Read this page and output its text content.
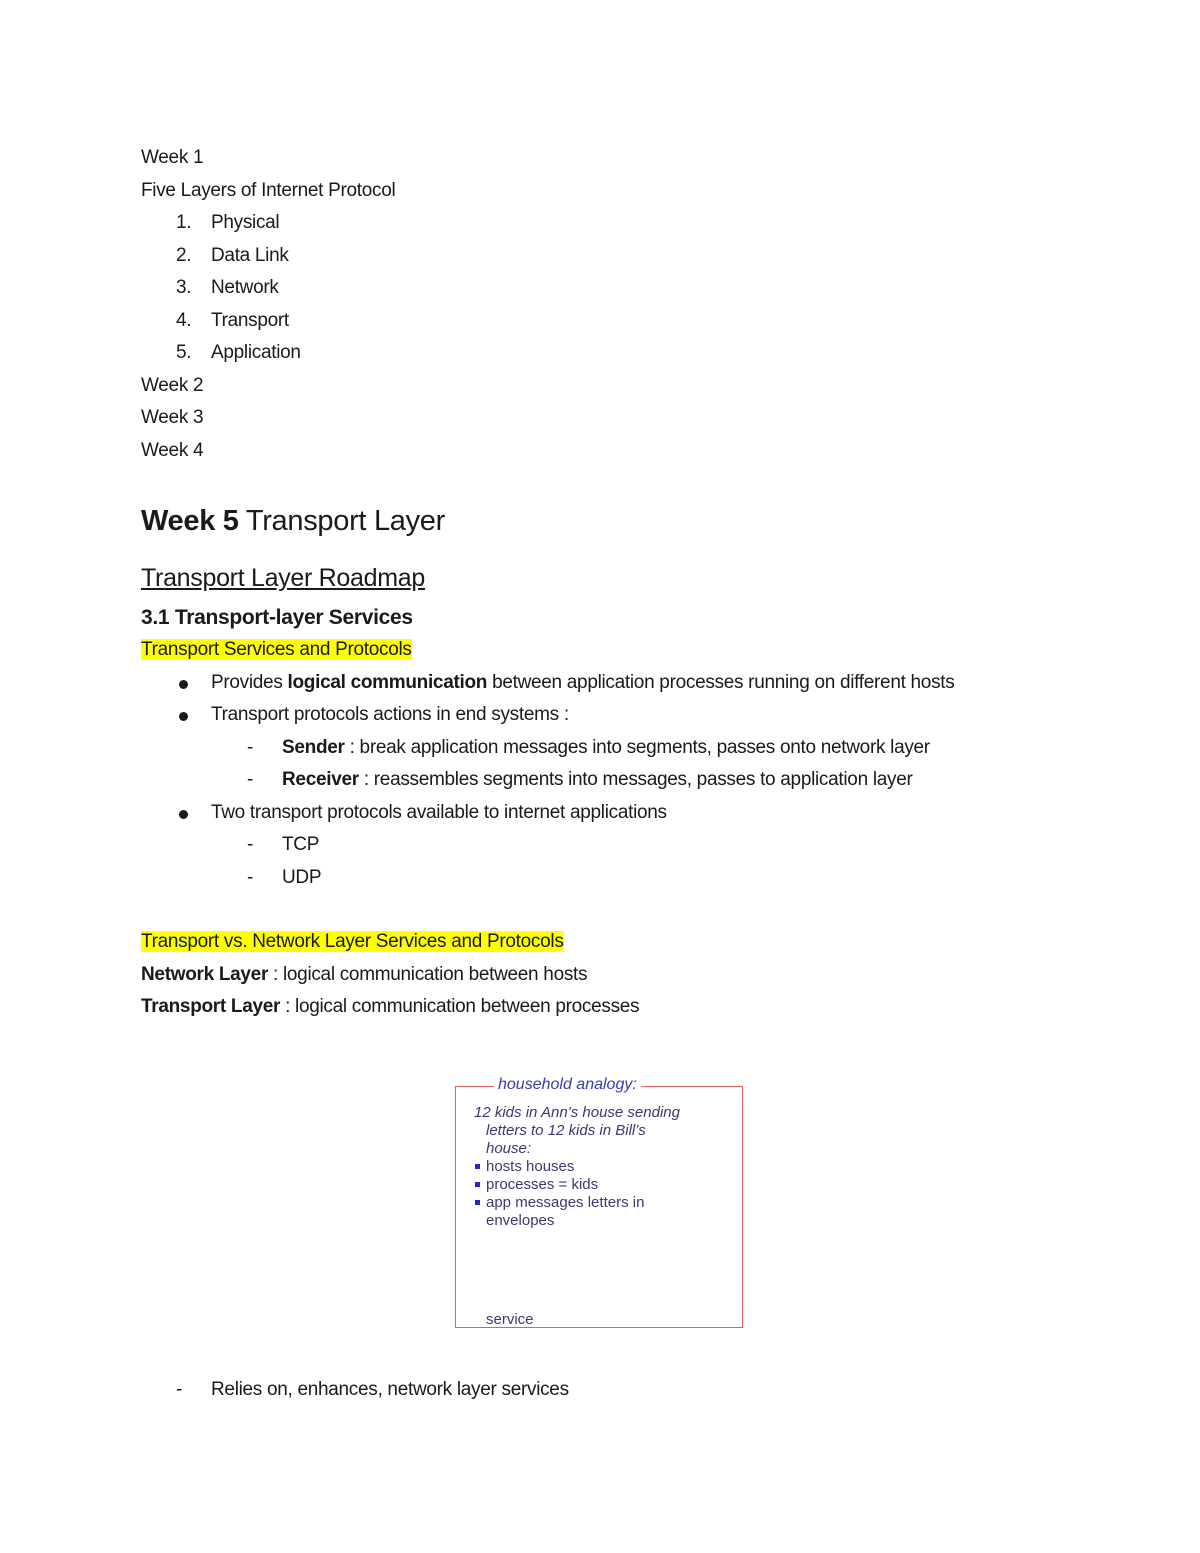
Week 1
Five Layers of Internet Protocol
1. Physical
2. Data Link
3. Network
4. Transport
5. Application
Week 2
Week 3
Week 4
Week 5 Transport Layer
Transport Layer Roadmap
3.1 Transport-layer Services
Transport Services and Protocols
Provides logical communication between application processes running on different hosts
Transport protocols actions in end systems :
- Sender : break application messages into segments, passes onto network layer
- Receiver : reassembles segments into messages, passes to application layer
Two transport protocols available to internet applications
- TCP
- UDP
Transport vs. Network Layer Services and Protocols
Network Layer : logical communication between hosts
Transport Layer : logical communication between processes
household analogy:
12 kids in Ann’s house sending
letters to 12 kids in Bill’s
house:
hosts houses
processes = kids
app messages letters in envelopes
service
- Relies on, enhances, network layer services
